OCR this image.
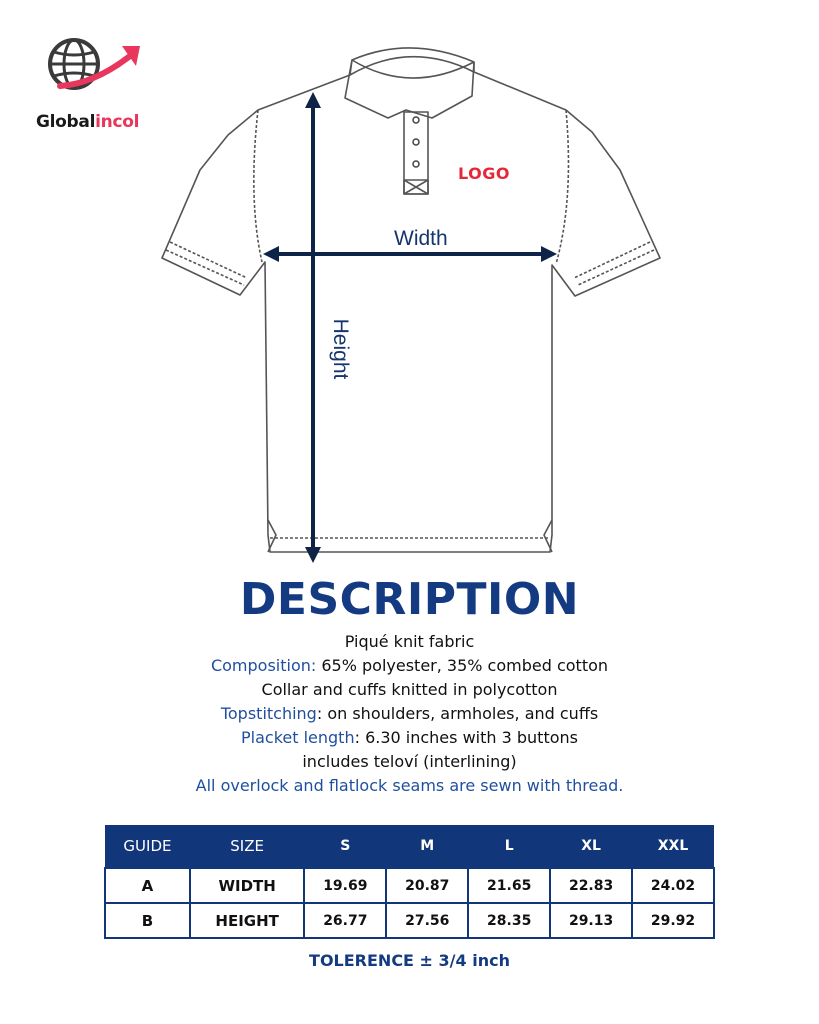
Globalincol
LOGO
Width
Height
DESCRIPTION
Piqué knit fabric
Composition: 65% polyester, 35% combed cotton
Collar and cuffs knitted in polycotton
Topstitching: on shoulders, armholes, and cuffs
Placket length: 6.30 inches with 3 buttons
includes teloví (interlining)
All overlock and flatlock seams are sewn with thread.
GUIDE	SIZE	S	M	L	XL	XXL
A	WIDTH	19.69	20.87	21.65	22.83	24.02
B	HEIGHT	26.77	27.56	28.35	29.13	29.92
TOLERENCE ± 3/4 inch
